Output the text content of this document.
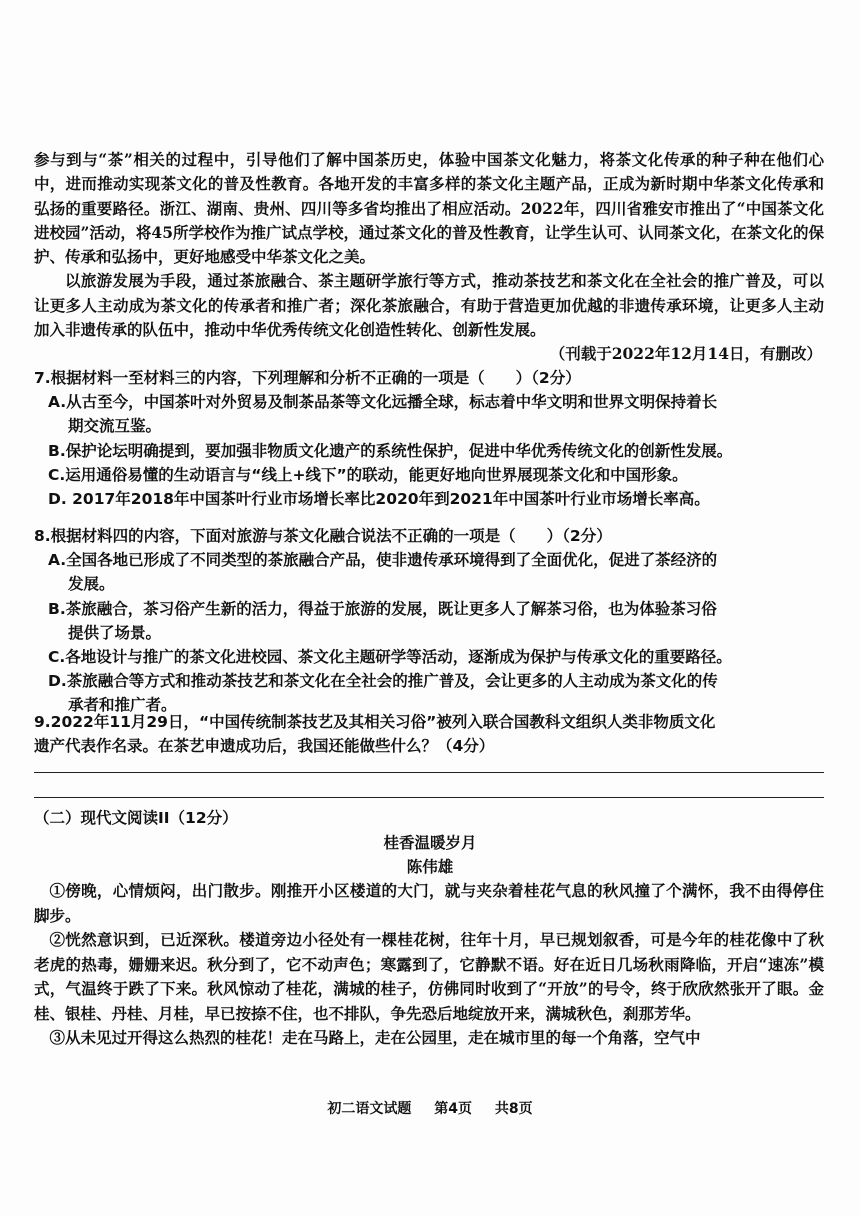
参与到与“茶”相关的过程中，引导他们了解中国茶历史，体验中国茶文化魅力，将茶文化传承的种子种在他们心中，进而推动实现茶文化的普及性教育。各地开发的丰富多样的茶文化主题产品，正成为新时期中华茶文化传承和弘扬的重要路径。浙江、湖南、贵州、四川等多省均推出了相应活动。2022年，四川省雅安市推出了“中国茶文化进校园”活动，将45所学校作为推广试点学校，通过茶文化的普及性教育，让学生认可、认同茶文化，在茶文化的保护、传承和弘扬中，更好地感受中华茶文化之美。

以旅游发展为手段，通过茶旅融合、茶主题研学旅行等方式，推动茶技艺和茶文化在全社会的推广普及，可以让更多人主动成为茶文化的传承者和推广者；深化茶旅融合，有助于营造更加优越的非遗传承环境，让更多人主动加入非遗传承的队伍中，推动中华优秀传统文化创造性转化、创新性发展。

（刊载于2022年12月14日，有删改）

7.根据材料一至材料三的内容，下列理解和分析不正确的一项是（　　）（2分）

A.从古至今，中国茶叶对外贸易及制茶品茶等文化远播全球，标志着中华文明和世界文明保持着长

期交流互鉴。

B.保护论坛明确提到，要加强非物质文化遗产的系统性保护，促进中华优秀传统文化的创新性发展。

C.运用通俗易懂的生动语言与“线上+线下”的联动，能更好地向世界展现茶文化和中国形象。

D. 2017年2018年中国茶叶行业市场增长率比2020年到2021年中国茶叶行业市场增长率高。

8.根据材料四的内容，下面对旅游与茶文化融合说法不正确的一项是（　　）（2分）

A.全国各地已形成了不同类型的茶旅融合产品，使非遗传承环境得到了全面优化，促进了茶经济的

发展。

B.茶旅融合，茶习俗产生新的活力，得益于旅游的发展，既让更多人了解茶习俗，也为体验茶习俗

提供了场景。

C.各地设计与推广的茶文化进校园、茶文化主题研学等活动，逐渐成为保护与传承文化的重要路径。

D.茶旅融合等方式和推动茶技艺和茶文化在全社会的推广普及，会让更多的人主动成为茶文化的传

承者和推广者。

9.2022年11月29日，“中国传统制茶技艺及其相关习俗”被列入联合国教科文组织人类非物质文化

遗产代表作名录。在茶艺申遗成功后，我国还能做些什么？（4分）

（二）现代文阅读II（12分）
桂香温暖岁月
陈伟雄

①傍晚，心情烦闷，出门散步。刚推开小区楼道的大门，就与夹杂着桂花气息的秋风撞了个满怀，我不由得停住脚步。

②恍然意识到，已近深秋。楼道旁边小径处有一棵桂花树，往年十月，早已规划叙香，可是今年的桂花像中了秋老虎的热毒，姗姗来迟。秋分到了，它不动声色；寒露到了，它静默不语。好在近日几场秋雨降临，开启“速冻”模式，气温终于跌了下来。秋风惊动了桂花，满城的桂子，仿佛同时收到了“开放”的号令，终于欣欣然张开了眼。金桂、银桂、丹桂、月桂，早已按捺不住，也不排队，争先恐后地绽放开来，满城秋色，刹那芳华。

③从未见过开得这么热烈的桂花！走在马路上，走在公园里，走在城市里的每一个角落，空气中

初二语文试题 第4页 共8页
